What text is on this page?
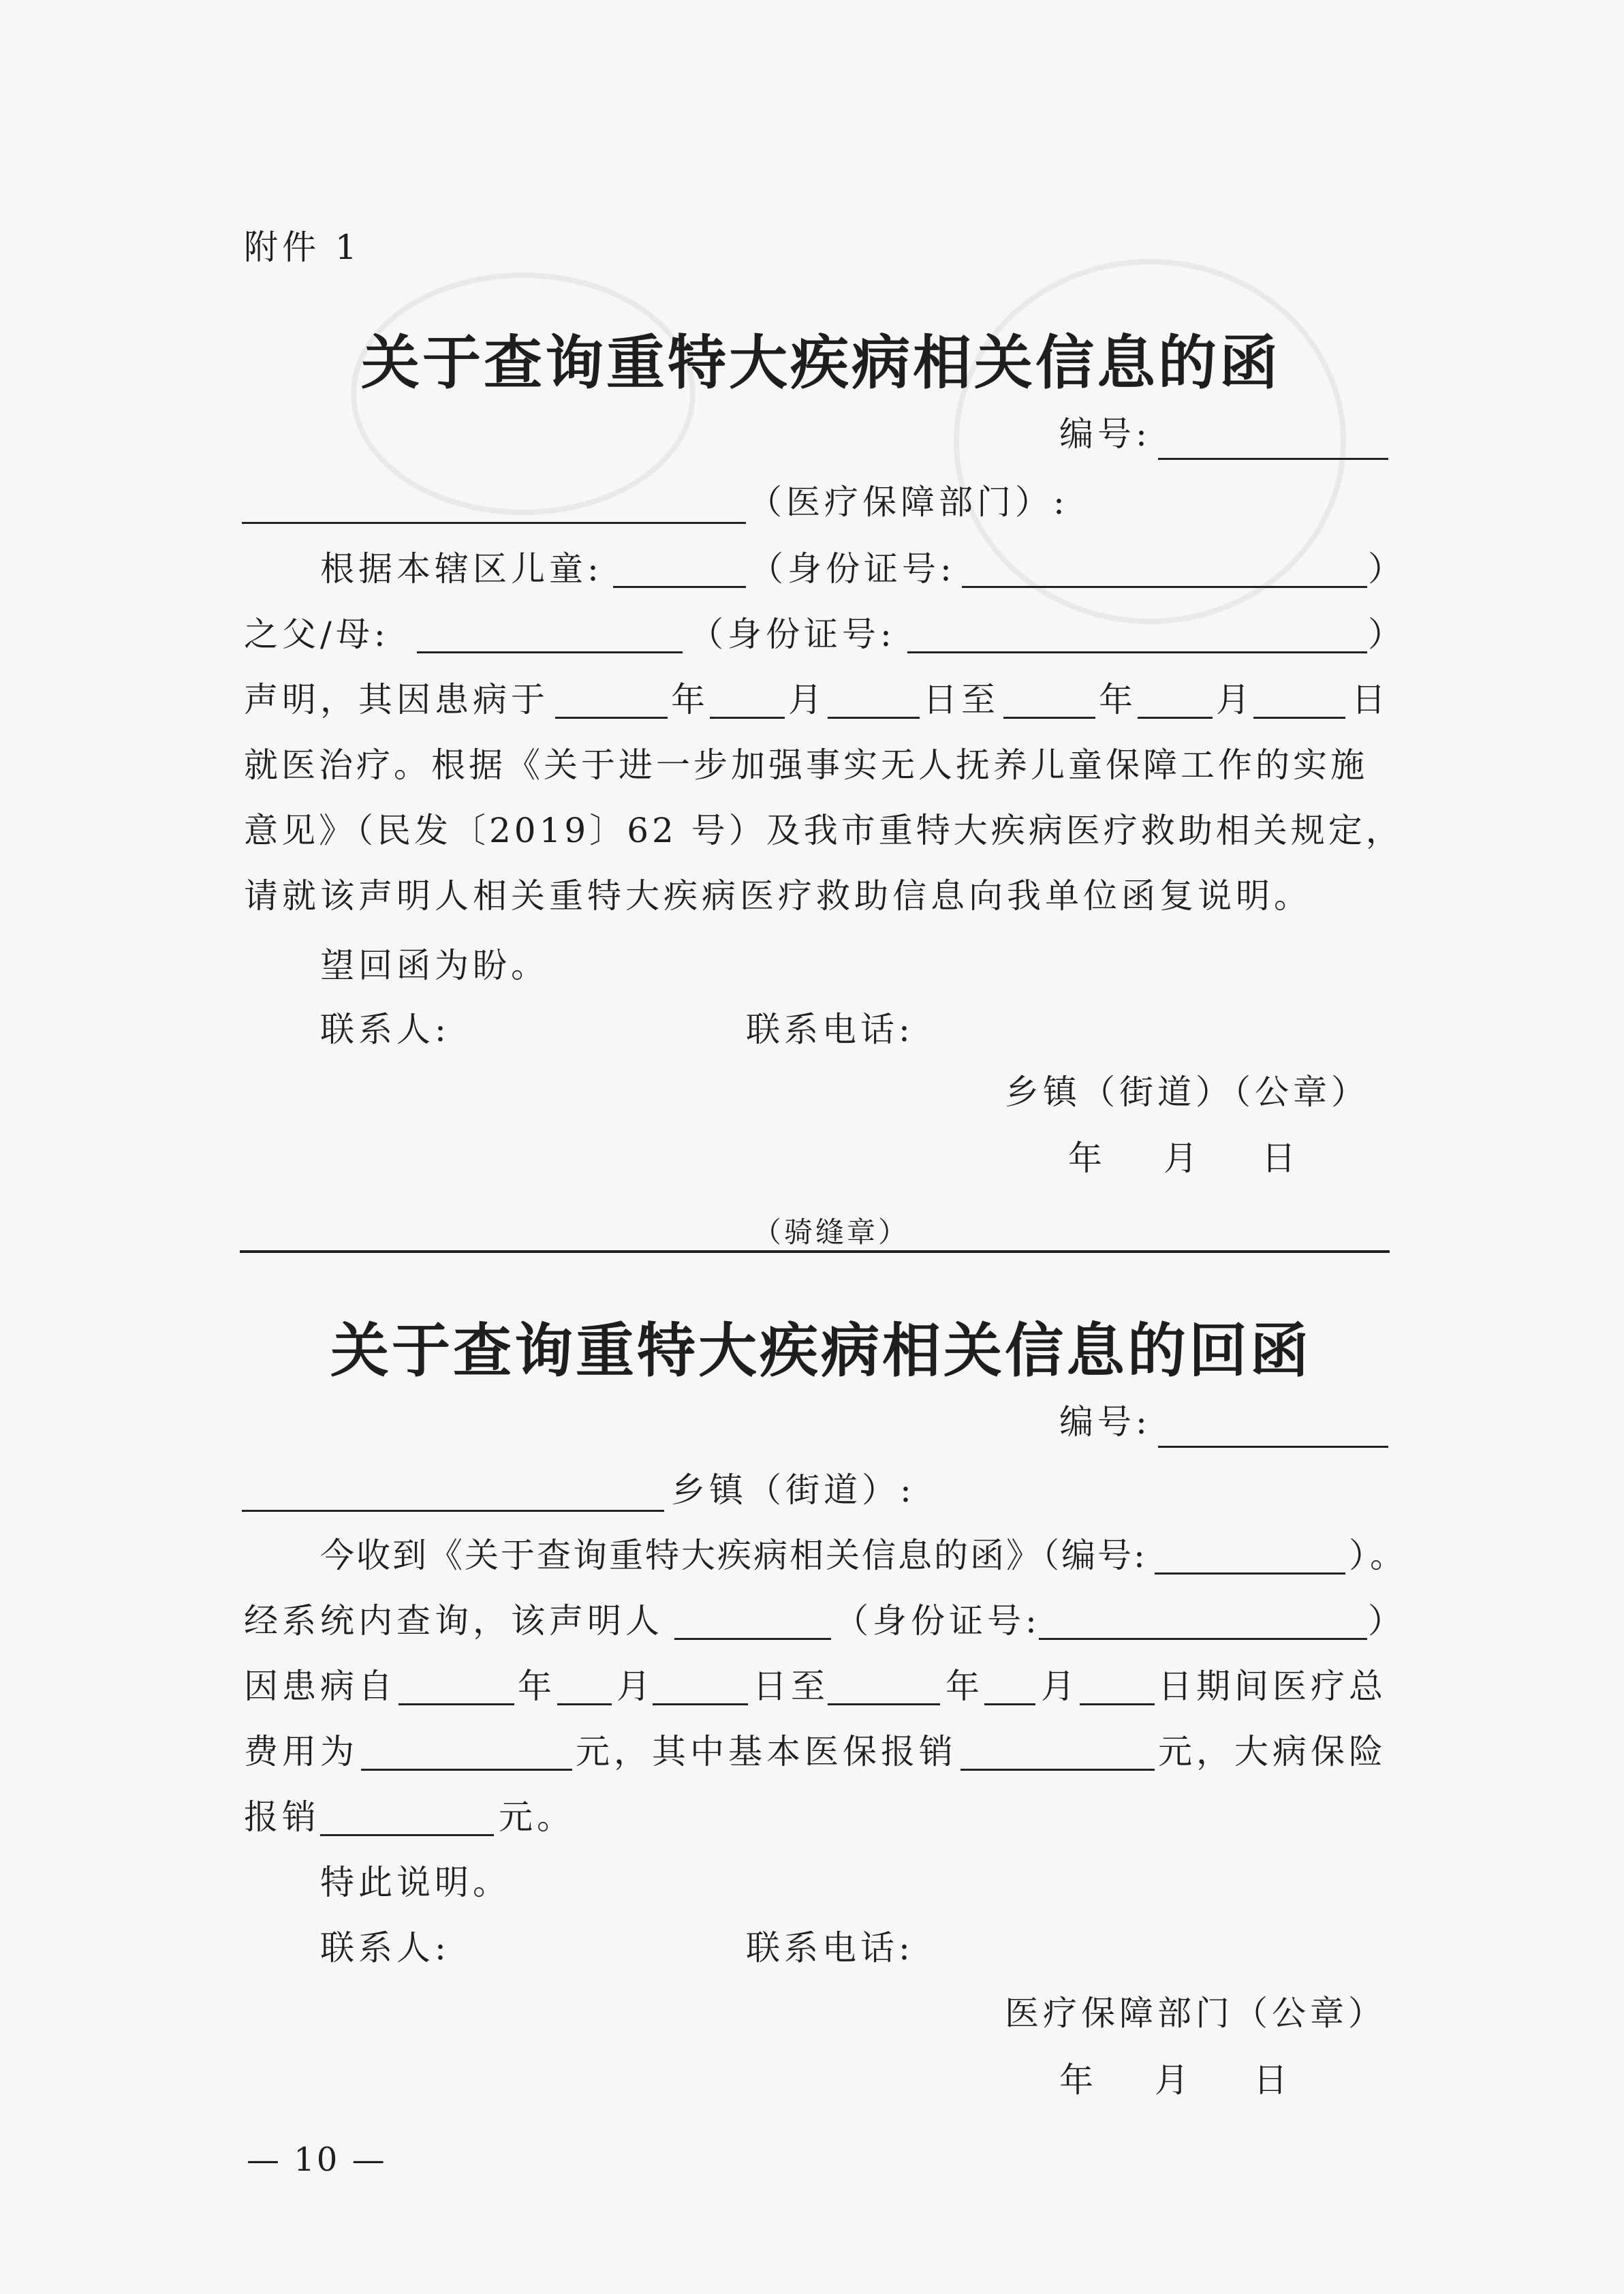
附件 1
关于查询重特大疾病相关信息的函
编号:
（医疗保障部门）:
根据本辖区儿童:	（身份证号:	）
之父/母:	（身份证号:	）
声明，其因患病于	年 月	日至	年 月	日
就医治疗。根据《关于进一步加强事实无人抚养儿童保障工作的实施
意见》（民发〔2019〕62 号）及我市重特大疾病医疗救助相关规定，
请就该声明人相关重特大疾病医疗救助信息向我单位函复说明。
望回函为盼。
联系人:	联系电话:
乡镇（街道）（公章）
年 月 日
（骑缝章）
关于查询重特大疾病相关信息的回函
编号:
乡镇（街道）:
今收到《关于查询重特大疾病相关信息的函》（编号:	）。
经系统内查询，该声明人	（身份证号:	）
因患病自	年 月	日至	年 月 日期间医疗总
费用为	元，其中基本医保报销	元，大病保险
报销	元。
特此说明。
联系人:	联系电话:
医疗保障部门（公章）
年 月 日
— 10 —
